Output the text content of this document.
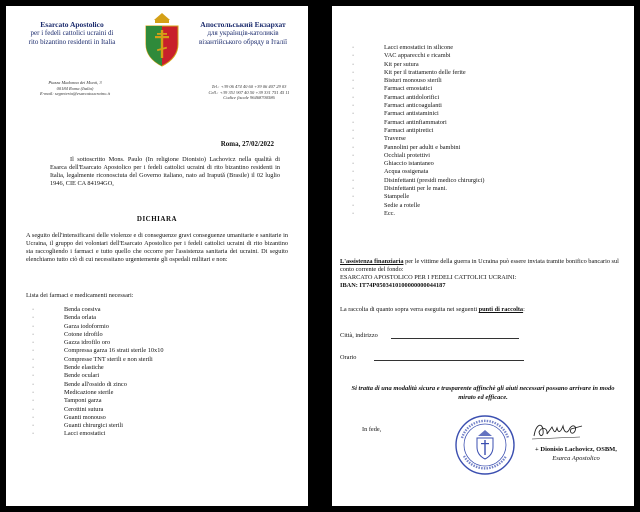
Esarcato Apostolico
per i fedeli cattolici ucraini di
rito bizantino residenti in Italia
Апостольський Екзархат
для українців-католиків
візантійського обряду в Італії
Piazza Madonna dei Monti, 3
00184 Roma (Italia)
E-mail: segreteria@esarcatoucraino.it
Tel.: +39 06 474 40 60 +39 06 407 29 03
Cell.: +39 351 907 40 50 +39 331 751 45 11
Codice fiscale 96468700586
Roma, 27/02/2022
Il sottoscritto Mons. Paulo (In religione Dionisio) Lachovicz nella qualità di Esarca dell'Esarcato Apostolico per i fedeli cattolici ucraini di rito bizantino residenti in Italia, legalmente riconosciuta del Governo italiano, nato ad Irapută (Brasile) il 02 luglio 1946, CIE CA 84194GO,
DICHIARA
A seguito dell'intensificarsi delle violenze e di conseguenze gravi conseguenze umanitarie e sanitarie in Ucraina, il gruppo dei volontari dell'Esarcato Apostolico per i fedeli cattolici ucraini di rito bizantino sta raccogliendo i farmaci e tutto quello che occorre per l'assistenza sanitaria dei ucraini. Di seguito elenchiamo tutto ciò di cui necessitano urgentemente gli ospedali militari e non:
Lista dei farmaci e medicamenti necessari:
· Benda coesiva
· Benda orlata
· Garza iodoformio
· Cotone idrofilo
· Gazza idrofilo oro
· Compressa garza 16 strati sterile 10x10
· Compresse TNT sterili e non sterili
· Bende elastiche
· Bende oculari
· Bende all'ossido di zinco
· Medicazione sterile
· Tamponi garza
· Cerottini sutura
· Guanti monouso
· Guanti chirurgici sterili
· Lacci emostatici
· Lacci emostatici in silicone
· VAC apparecchi e ricambi
· Kit per sutura
· Kit per il trattamento delle ferite
· Bisturi monouso sterili
· Farmaci emostatici
· Farmaci antidolorifici
· Farmaci anticoagulanti
· Farmaci antistaminici
· Farmaci antinfiammatori
· Farmaci antipiretici
· Traverse
· Pannolini per adulti e bambini
· Occhiali protettivi
· Ghiaccio istantaneo
· Acqua ossigenata
· Disinfettanti (presidi medico chirurgici)
· Disinfettanti per le mani.
· Stampelle
· Sedie a rotelle
· Ecc.
L'assistenza finanziaria per le vittime della guerra in Ucraina può essere inviata tramite bonifico bancario sul conto corrente del fondo:
ESARCATO APOSTOLICO PER I FEDELI CATTOLICI UCRAINI:
IBAN: IT74P0503410100000000044187
La raccolta di quanto sopra verra eseguita nei seguenti punti di raccolta:
Città, indirizzo
Orario
Si tratta di una modalità sicura e trasparente affinchè gli aiuti necessari possano arrivare in modo mirato ed efficace.
In fede,
+ Dionisio Lachovicz, OSBM,
Esarca Apostolico
